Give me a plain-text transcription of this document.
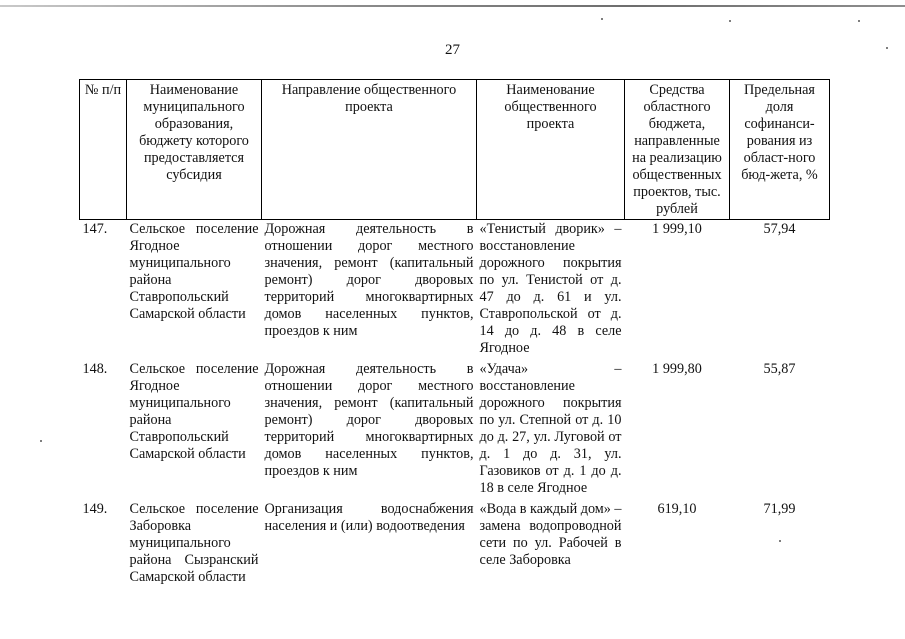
27
№ п/п	Наименование муниципального образования, бюджету которого предоставляется субсидия	Направление общественного проекта	Наименование общественного проекта	Средства областного бюджета, направленные на реализацию общественных проектов, тыс. рублей	Предельная доля софинанси-рования из област-ного бюд-жета, %
147.	Сельское поселение Ягодное муниципального района Ставропольский Самарской области	Дорожная деятельность в отношении дорог местного значения, ремонт (капитальный ремонт) дорог дворовых территорий многоквартирных домов населенных пунктов, проездов к ним	«Тенистый дворик» – восстановление дорожного покрытия по ул. Тенистой от д. 47 до д. 61 и ул. Ставропольской от д. 14 до д. 48 в селе Ягодное	1 999,10	57,94
148.	Сельское поселение Ягодное муниципального района Ставропольский Самарской области	Дорожная деятельность в отношении дорог местного значения, ремонт (капитальный ремонт) дорог дворовых территорий многоквартирных домов населенных пунктов, проездов к ним	«Удача» – восстановление дорожного покрытия по ул. Степной от д. 10 до д. 27, ул. Луговой от д. 1 до д. 31, ул. Газовиков от д. 1 до д. 18 в селе Ягодное	1 999,80	55,87
149.	Сельское поселение Заборовка муниципального района Сызранский Самарской области	Организация водоснабжения населения и (или) водоотведения	«Вода в каждый дом» – замена водопроводной сети по ул. Рабочей в селе Заборовка	619,10	71,99
